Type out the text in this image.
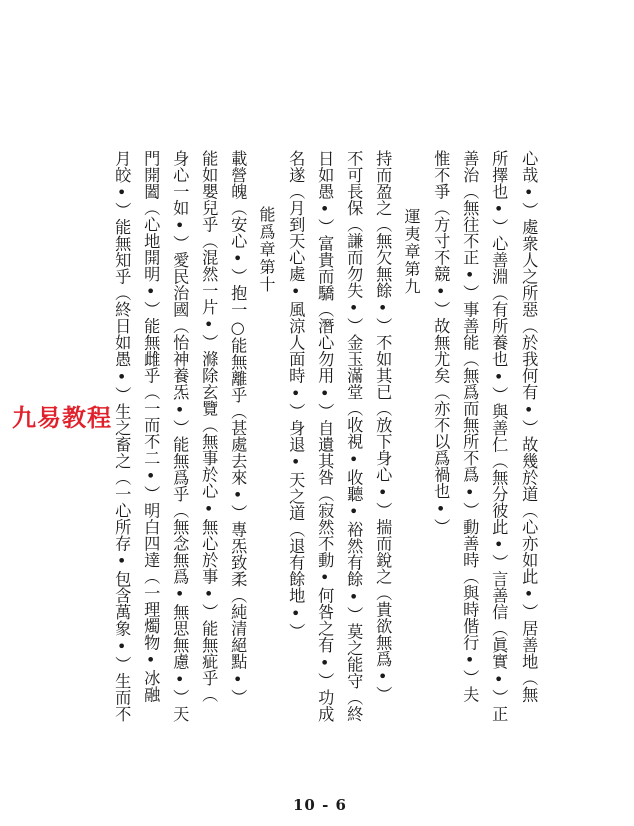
心哉•）處衆人之所惡（於我何有•）故幾於道（心亦如此•）居善地（無
所擇也•）心善淵（有所養也•）與善仁（無分彼此•）言善信（眞實•）正
善治（無往不正•）事善能（無爲而無所不爲•）動善時（與時偕行•）夫
惟不爭（方寸不競•）故無尤矣（亦不以爲禍也•）
運夷章第九
持而盈之（無欠無餘•）不如其已（放下身心•）揣而銳之（貴欲無爲•）
不可長保（謙而勿失•）金玉滿堂（收視•收聽•裕然有餘•）莫之能守（終
日如愚•）富貴而驕（潛心勿用•）自遺其咎（寂然不動•何咎之有•）功成
名遂（月到天心處•風涼人面時•）身退•天之道（退有餘地•）
能爲章第十
載營魄（安心•）抱一○能無離乎（甚處去來•）專炁致柔（純清絕點•）
能如嬰兒乎（混然一片•）滌除玄覽（無事於心•無心於事•）能無疵乎（
身心一如•）愛民治國（怡神養炁•）能無爲乎（無念無爲•無思無慮•）天
門開闔（心地開明•）能無雌乎（一而不二•）明白四達（一理燭物•冰融
月皎•）能無知乎（終日如愚•）生之畜之（一心所存•包含萬象•）生而不
九易教程
10 - 6
